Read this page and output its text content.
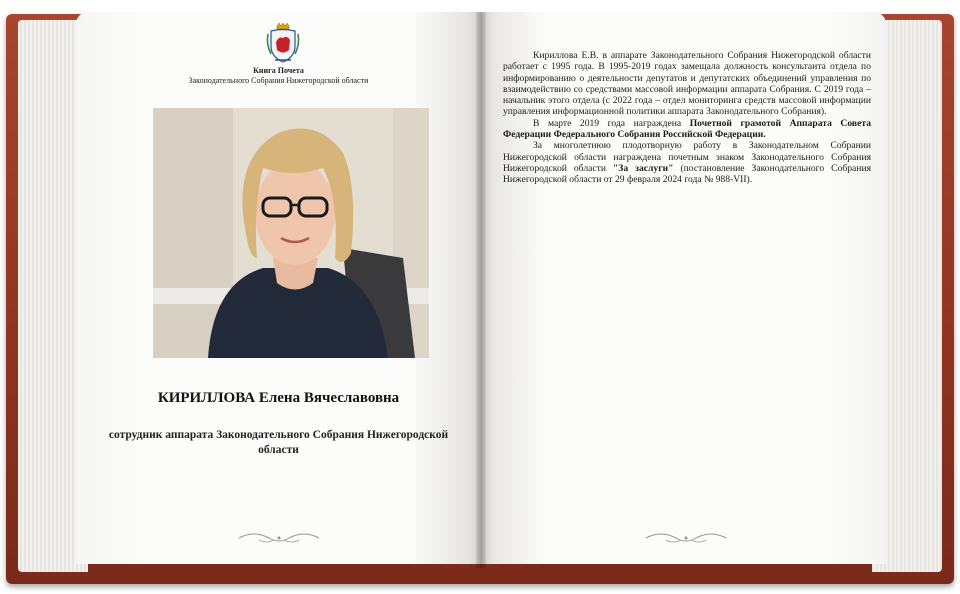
Книга Почета
Законодательного Собрания Нижегородской области
КИРИЛЛОВА Елена Вячеславовна
сотрудник аппарата Законодательного Собрания Нижегородской области

Кириллова Е.В. в аппарате Законодательного Собрания Нижегородской области работает с 1995 года. В 1995-2019 годах замещала должность консультанта отдела по информированию о деятельности депутатов и депутатских объединений управления по взаимодействию со средствами массовой информации аппарата Собрания. С 2019 года – начальник этого отдела (с 2022 года – отдел мониторинга средств массовой информации управления информационной политики аппарата Законодательного Собрания).

В марте 2019 года награждена Почетной грамотой Аппарата Совета Федерации Федерального Собрания Российской Федерации.

За многолетнюю плодотворную работу в Законодательном Собрании Нижегородской области награждена почетным знаком Законодательного Собрания Нижегородской области "За заслуги" (постановление Законодательного Собрания Нижегородской области от 29 февраля 2024 года № 988-VII).
